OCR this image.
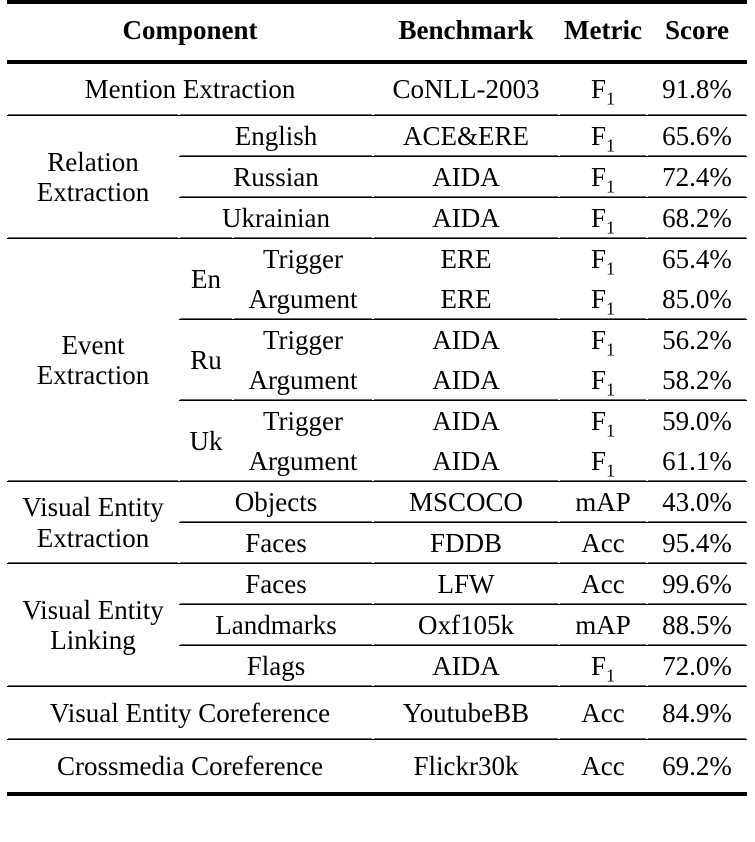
Component			Benchmark	Metric	Score
Mention Extraction			CoNLL-2003	$F_1$	91.8%

Relation
Extraction	English		ACE&ERE	$F_1$	65.6%
	Russian		AIDA	$F_1$	72.4%
	Ukrainian		AIDA	$F_1$	68.2%

Event
Extraction	En	Trigger	ERE	$F_1$	65.4%
		Argument	ERE	$F_1$	85.0%
	Ru	Trigger	AIDA	$F_1$	56.2%
		Argument	AIDA	$F_1$	58.2%
	Uk	Trigger	AIDA	$F_1$	59.0%
		Argument	AIDA	$F_1$	61.1%

Visual Entity
Extraction	Objects		MSCOCO	mAP	43.0%
	Faces		FDDB	Acc	95.4%

Visual Entity
Linking	Faces		LFW	Acc	99.6%
	Landmarks		Oxf105k	mAP	88.5%
	Flags		AIDA	$F_1$	72.0%
Visual Entity Coreference			YoutubeBB	Acc	84.9%
Crossmedia Coreference			Flickr30k	Acc	69.2%
